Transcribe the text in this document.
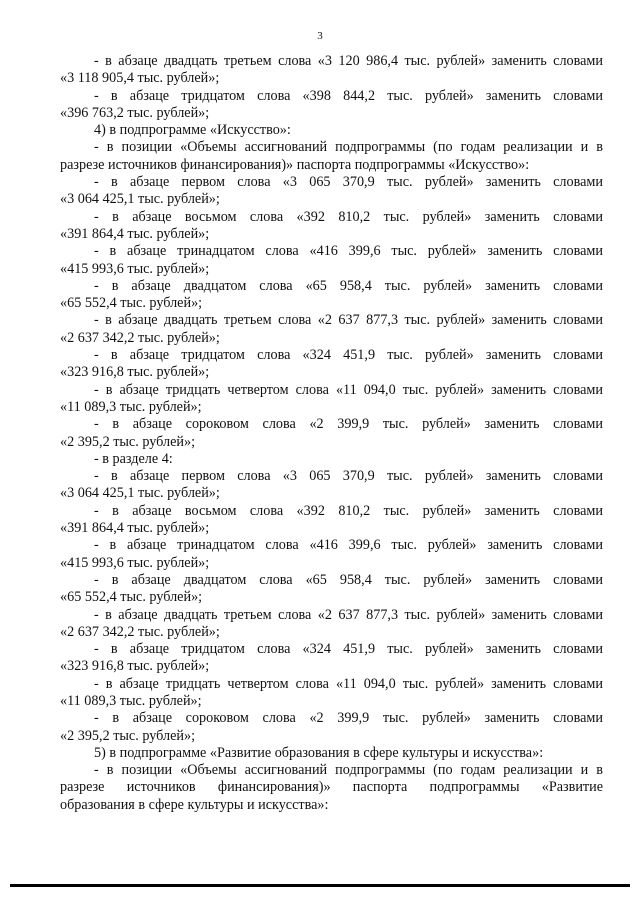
3

- в абзаце двадцать третьем слова «3 120 986,4 тыс. рублей» заменить словами

«3 118 905,4 тыс. рублей»;

- в абзаце тридцатом слова «398 844,2 тыс. рублей» заменить словами

«396 763,2 тыс. рублей»;

4) в подпрограмме «Искусство»:

- в позиции «Объемы ассигнований подпрограммы (по годам реализации и в

разрезе источников финансирования)» паспорта подпрограммы «Искусство»:

- в абзаце первом слова «3 065 370,9 тыс. рублей» заменить словами

«3 064 425,1 тыс. рублей»;

- в абзаце восьмом слова «392 810,2 тыс. рублей» заменить словами

«391 864,4 тыс. рублей»;

- в абзаце тринадцатом слова «416 399,6 тыс. рублей» заменить словами

«415 993,6 тыс. рублей»;

- в абзаце двадцатом слова «65 958,4 тыс. рублей» заменить словами

«65 552,4 тыс. рублей»;

- в абзаце двадцать третьем слова «2 637 877,3 тыс. рублей» заменить словами

«2 637 342,2 тыс. рублей»;

- в абзаце тридцатом слова «324 451,9 тыс. рублей» заменить словами

«323 916,8 тыс. рублей»;

- в абзаце тридцать четвертом слова «11 094,0 тыс. рублей» заменить словами

«11 089,3 тыс. рублей»;

- в абзаце сороковом слова «2 399,9 тыс. рублей» заменить словами

«2 395,2 тыс. рублей»;

- в разделе 4:

- в абзаце первом слова «3 065 370,9 тыс. рублей» заменить словами

«3 064 425,1 тыс. рублей»;

- в абзаце восьмом слова «392 810,2 тыс. рублей» заменить словами

«391 864,4 тыс. рублей»;

- в абзаце тринадцатом слова «416 399,6 тыс. рублей» заменить словами

«415 993,6 тыс. рублей»;

- в абзаце двадцатом слова «65 958,4 тыс. рублей» заменить словами

«65 552,4 тыс. рублей»;

- в абзаце двадцать третьем слова «2 637 877,3 тыс. рублей» заменить словами

«2 637 342,2 тыс. рублей»;

- в абзаце тридцатом слова «324 451,9 тыс. рублей» заменить словами

«323 916,8 тыс. рублей»;

- в абзаце тридцать четвертом слова «11 094,0 тыс. рублей» заменить словами

«11 089,3 тыс. рублей»;

- в абзаце сороковом слова «2 399,9 тыс. рублей» заменить словами

«2 395,2 тыс. рублей»;

5) в подпрограмме «Развитие образования в сфере культуры и искусства»:

- в позиции «Объемы ассигнований подпрограммы (по годам реализации и в

разрезе источников финансирования)» паспорта подпрограммы «Развитие

образования в сфере культуры и искусства»:
